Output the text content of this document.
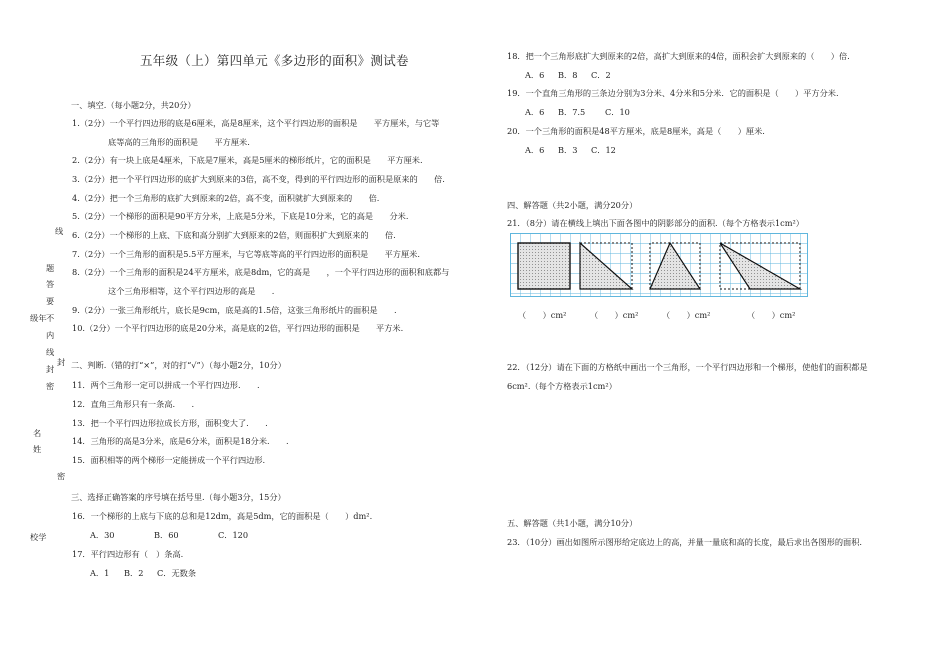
五年级（上）第四单元《多边形的面积》测试卷
线
题
答
要
级年 不
内
线
封
封
密
名
姓
密
校学
一、填空.（每小题2分，共20分）
1.（2分）一个平行四边形的底是6厘米，高是8厘米，这个平行四边形的面积是　　平方厘米，与它等
底等高的三角形的面积是　　平方厘米.
2.（2分）有一块上底是4厘米，下底是7厘米，高是5厘米的梯形纸片，它的面积是　　平方厘米.
3.（2分）把一个平行四边形的底扩大到原来的3倍，高不变，得到的平行四边形的面积是原来的　　倍.
4.（2分）把一个三角形的底扩大到原来的2倍，高不变，面积就扩大到原来的　　倍.
5.（2分）一个梯形的面积是90平方分米，上底是5分米，下底是10分米，它的高是　　分米.
6.（2分）一个梯形的上底、下底和高分别扩大到原来的2倍，则面积扩大到原来的　　倍.
7.（2分）一个三角形的面积是5.5平方厘米，与它等底等高的平行四边形的面积是　　平方厘米.
8.（2分）一个三角形的面积是24平方厘米，底是8dm，它的高是　　，一个平行四边形的面积和底都与
这个三角形相等，这个平行四边形的高是　　.
9.（2分）一张三角形纸片，底长是9cm，底是高的1.5倍，这张三角形纸片的面积是　　.
10.（2分）一个平行四边形的底是20分米，高是底的2倍，平行四边形的面积是　　平方米.
二、判断.（错的打“×”，对的打“√”）（每小题2分，10分）
11．两个三角形一定可以拼成一个平行四边形.　　.
12．直角三角形只有一条高.　　.
13．把一个平行四边形拉成长方形，面积变大了.　　.
14．三角形的高是3分米，底是6分米，面积是18分米.　　.
15．面积相等的两个梯形一定能拼成一个平行四边形.
三、选择正确答案的序号填在括号里.（每小题3分，15分）
16．一个梯形的上底与下底的总和是12dm，高是5dm，它的面积是（　　）dm².
A．30	B．60	C．120
17．平行四边形有（　）条高.
A．1 B．2 C．无数条
18．把一个三角形底扩大到原来的2倍，高扩大到原来的4倍，面积会扩大到原来的（　　）倍.
A．6 B．8 C．2
19．一个直角三角形的三条边分别为3分米、4分米和5分米．它的面积是（　　）平方分米.
A．6 B．7.5 C．10
20．一个三角形的面积是48平方厘米，底是8厘米，高是（　　）厘米.
A．6 B．3 C．12
四、解答题（共2小题，满分20分）
21．（8分）请在横线上填出下面各图中的阴影部分的面积.（每个方格表示1cm²）
（　　）cm²	（　　）cm²	（　　）cm²	（　　）cm²
22．（12分）请在下面的方格纸中画出一个三角形，一个平行四边形和一个梯形，使他们的面积都是
6cm².（每个方格表示1cm²）
五、解答题（共1小题，满分10分）
23．（10分）画出如图所示图形给定底边上的高，并量一量底和高的长度，最后求出各图形的面积.
